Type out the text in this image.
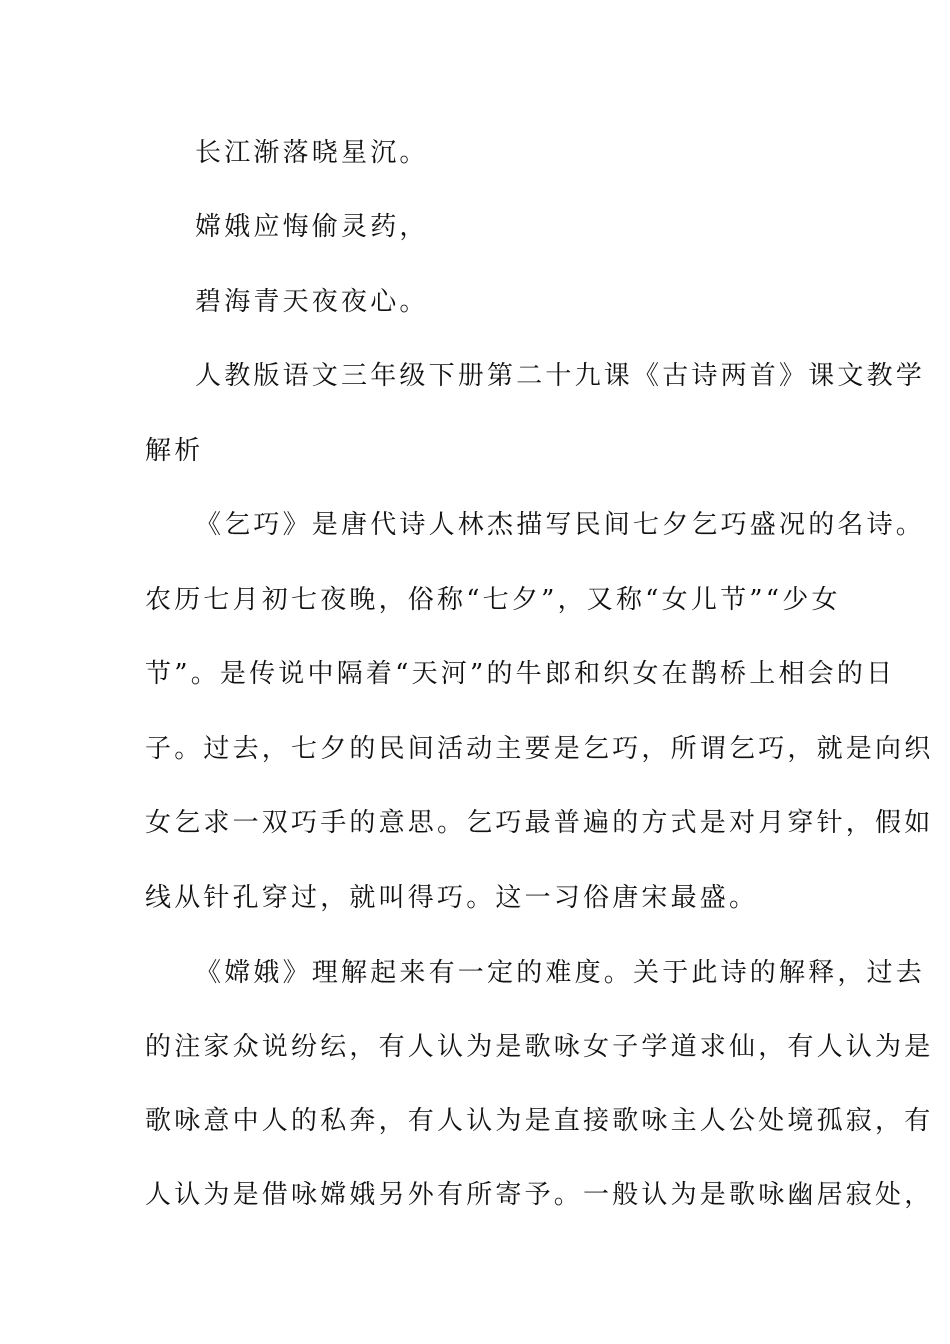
长江渐落晓星沉。
嫦娥应悔偷灵药，
碧海青天夜夜心。
人教版语文三年级下册第二十九课《古诗两首》课文教学
解析
《乞巧》是唐代诗人林杰描写民间七夕乞巧盛况的名诗。
农历七月初七夜晚，俗称“七夕”，又称“女儿节”“少女
节”。是传说中隔着“天河”的牛郎和织女在鹊桥上相会的日
子。过去，七夕的民间活动主要是乞巧，所谓乞巧，就是向织
女乞求一双巧手的意思。乞巧最普遍的方式是对月穿针，假如
线从针孔穿过，就叫得巧。这一习俗唐宋最盛。
《嫦娥》理解起来有一定的难度。关于此诗的解释，过去
的注家众说纷纭，有人认为是歌咏女子学道求仙，有人认为是
歌咏意中人的私奔，有人认为是直接歌咏主人公处境孤寂，有
人认为是借咏嫦娥另外有所寄予。一般认为是歌咏幽居寂处，
